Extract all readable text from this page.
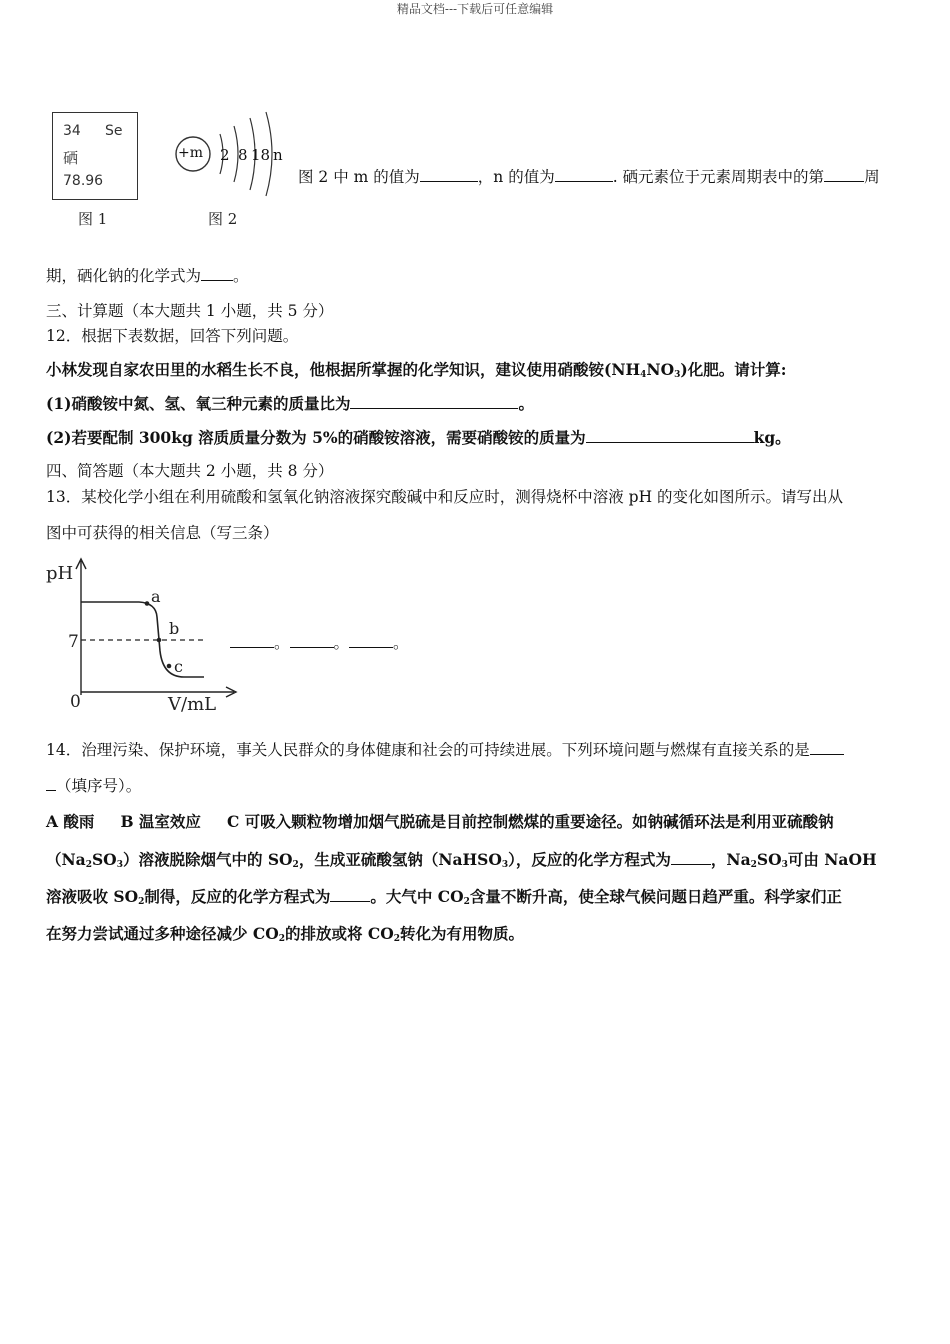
精品文档---下载后可任意编辑
34 Se
硒
78.96
图 1
+m 2 8 18 n
图 2
图 2 中 m 的值为	，n 的值为	. 硒元素位于元素周期表中的第	周
期，硒化钠的化学式为 。
三、计算题（本大题共 1 小题，共 5 分）
12．根据下表数据，回答下列问题。
小林发现自家农田里的水稻生长不良，他根据所掌握的化学知识，建议使用硝酸铵$(NH_4NO_3)$化肥。请计算:
(1)硝酸铵中氮、氢、氧三种元素的质量比为	。
(2)若要配制 300kg 溶质质量分数为 5%的硝酸铵溶液，需要硝酸铵的质量为	kg。
四、简答题（本大题共 2 小题，共 8 分）
13．某校化学小组在利用硫酸和氢氧化钠溶液探究酸碱中和反应时，测得烧杯中溶液 pH 的变化如图所示。请写出从
图中可获得的相关信息（写三条）
pH
7
0	V/mL
a
b
c
。	。	。
14．治理污染、保护环境，事关人民群众的身体健康和社会的可持续进展。下列环境问题与燃煤有直接关系的是
（填序号）。
A 酸雨 B 温室效应 C 可吸入颗粒物增加烟气脱硫是目前控制燃煤的重要途径。如钠碱循环法是利用亚硫酸钠
$(Na_2SO_3)$溶液脱除烟气中的 $SO_2$，生成亚硫酸氢钠（NaHSO$_3$），反应的化学方程式为	，$Na_2SO_3$可由 NaOH
溶液吸收 $SO_2$制得，反应的化学方程式为	。大气中 $CO_2$含量不断升高，使全球气候问题日趋严重。科学家们正
在努力尝试通过多种途径减少 $CO_2$的排放或将 $CO_2$转化为有用物质。
